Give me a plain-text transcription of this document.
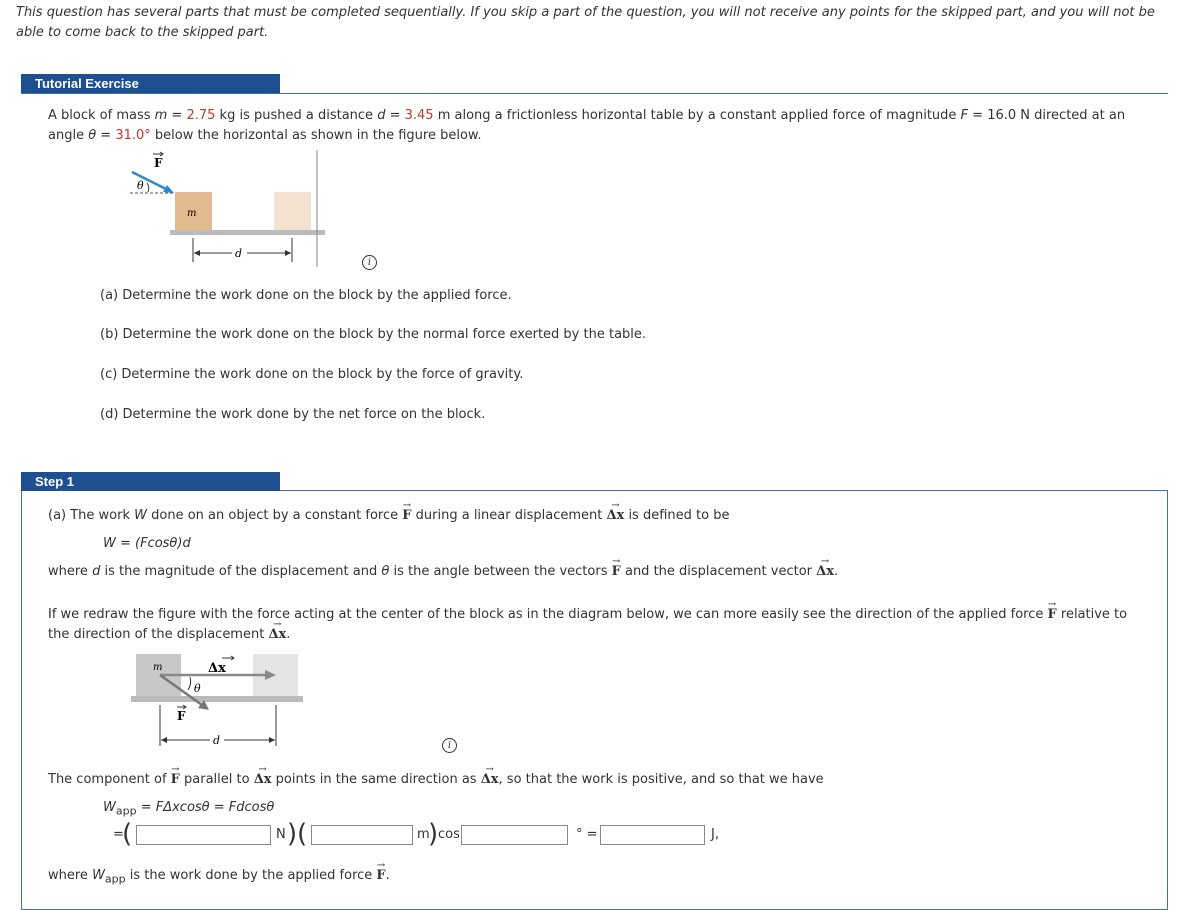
This question has several parts that must be completed sequentially. If you skip a part of the question, you will not receive any points for the skipped part, and you will not be able to come back to the skipped part.
Tutorial Exercise
A block of mass m = 2.75 kg is pushed a distance d = 3.45 m along a frictionless horizontal table by a constant applied force of magnitude F = 16.0 N directed at an
angle θ = 31.0° below the horizontal as shown in the figure below.
F
θ
m
d
i
(a) Determine the work done on the block by the applied force.
(b) Determine the work done on the block by the normal force exerted by the table.
(c) Determine the work done on the block by the force of gravity.
(d) Determine the work done by the net force on the block.
Step 1
(a) The work W done on an object by a constant force → F during a linear displacement → Δx is defined to be
W = (Fcosθ)d
where d is the magnitude of the displacement and θ is the angle between the vectors → F and the displacement vector → Δx.
If we redraw the figure with the force acting at the center of the block as in the diagram below, we can more easily see the direction of the applied force → F relative to
the direction of the displacement → Δx.
m	Δx
θ
F
d	i
The component of → F parallel to → Δx points in the same direction as → Δx, so that the work is positive, and so that we have
$W_{app} = F\Delta xcos\theta = Fdcos\theta$
=
(	N ) (	m
) cos	° =	J,
where $W_{app}$ is the work done by the applied force → F.
